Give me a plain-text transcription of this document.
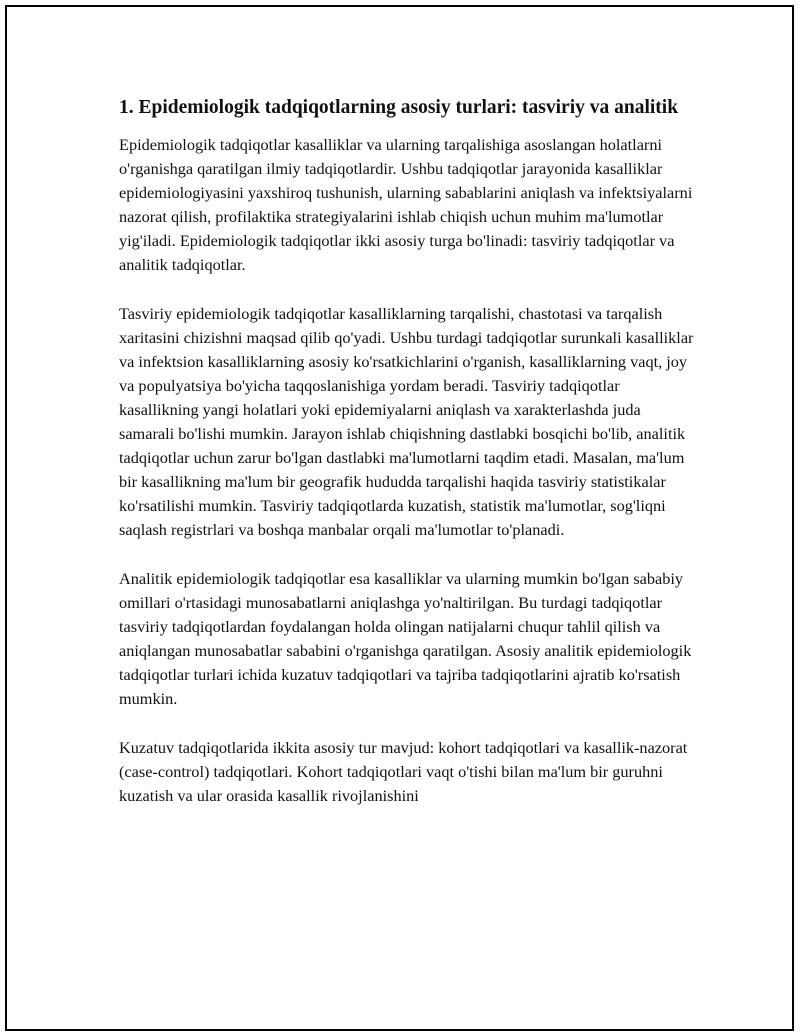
1. Epidemiologik tadqiqotlarning asosiy turlari: tasviriy va analitik

Epidemiologik tadqiqotlar kasalliklar va ularning tarqalishiga asoslangan holatlarni o'rganishga qaratilgan ilmiy tadqiqotlardir. Ushbu tadqiqotlar jarayonida kasalliklar epidemiologiyasini yaxshiroq tushunish, ularning sabablarini aniqlash va infektsiyalarni nazorat qilish, profilaktika strategiyalarini ishlab chiqish uchun muhim ma'lumotlar yig'iladi. Epidemiologik tadqiqotlar ikki asosiy turga bo'linadi: tasviriy tadqiqotlar va analitik tadqiqotlar.

Tasviriy epidemiologik tadqiqotlar kasalliklarning tarqalishi, chastotasi va tarqalish xaritasini chizishni maqsad qilib qo'yadi. Ushbu turdagi tadqiqotlar surunkali kasalliklar va infektsion kasalliklarning asosiy ko'rsatkichlarini o'rganish, kasalliklarning vaqt, joy va populyatsiya bo'yicha taqqoslanishiga yordam beradi. Tasviriy tadqiqotlar kasallikning yangi holatlari yoki epidemiyalarni aniqlash va xarakterlashda juda samarali bo'lishi mumkin. Jarayon ishlab chiqishning dastlabki bosqichi bo'lib, analitik tadqiqotlar uchun zarur bo'lgan dastlabki ma'lumotlarni taqdim etadi. Masalan, ma'lum bir kasallikning ma'lum bir geografik hududda tarqalishi haqida tasviriy statistikalar ko'rsatilishi mumkin. Tasviriy tadqiqotlarda kuzatish, statistik ma'lumotlar, sog'liqni saqlash registrlari va boshqa manbalar orqali ma'lumotlar to'planadi.

Analitik epidemiologik tadqiqotlar esa kasalliklar va ularning mumkin bo'lgan sababiy omillari o'rtasidagi munosabatlarni aniqlashga yo'naltirilgan. Bu turdagi tadqiqotlar tasviriy tadqiqotlardan foydalangan holda olingan natijalarni chuqur tahlil qilish va aniqlangan munosabatlar sababini o'rganishga qaratilgan. Asosiy analitik epidemiologik tadqiqotlar turlari ichida kuzatuv tadqiqotlari va tajriba tadqiqotlarini ajratib ko'rsatish mumkin.

Kuzatuv tadqiqotlarida ikkita asosiy tur mavjud: kohort tadqiqotlari va kasallik-nazorat (case-control) tadqiqotlari. Kohort tadqiqotlari vaqt o'tishi bilan ma'lum bir guruhni kuzatish va ular orasida kasallik rivojlanishini
